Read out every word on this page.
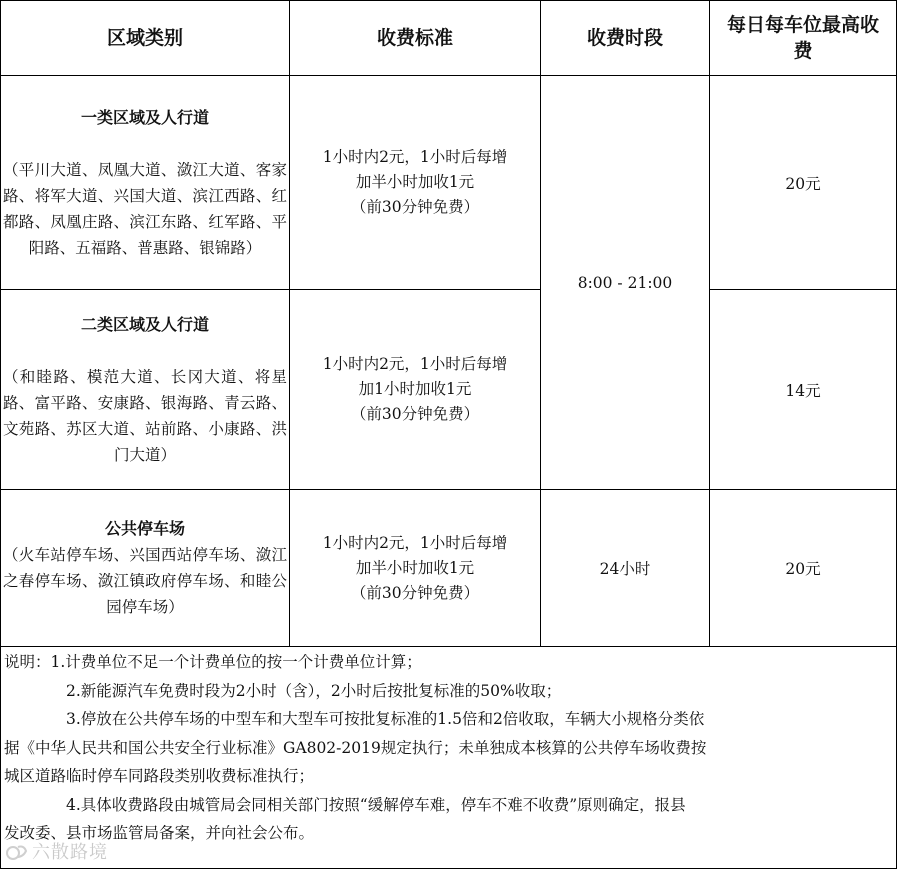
区域类别	收费标准	收费时段	每日每车位最高收费

一类区域及人行道
（平川大道、凤凰大道、潋江大道、客家路、将军大道、兴国大道、滨江西路、红都路、凤凰庄路、滨江东路、红军路、平阳路、五福路、普惠路、银锦路）	1小时内2元，1小时后每增
加半小时加收1元
（前30分钟免费）	8:00 - 21:00	20元

二类区域及人行道
（和睦路、模范大道、长冈大道、将星路、富平路、安康路、银海路、青云路、文苑路、苏区大道、站前路、小康路、洪门大道）	1小时内2元，1小时后每增
加1小时加收1元
（前30分钟免费）		14元

公共停车场
（火车站停车场、兴国西站停车场、潋江之春停车场、潋江镇政府停车场、和睦公园停车场）	1小时内2元，1小时后每增
加半小时加收1元
（前30分钟免费）	24小时	20元
说明：1.计费单位不足一个计费单位的按一个计费单位计算；
2.新能源汽车免费时段为2小时（含），2小时后按批复标准的50%收取；
3.停放在公共停车场的中型车和大型车可按批复标准的1.5倍和2倍收取，车辆大小规格分类依
据《中华人民共和国公共安全行业标准》GA802-2019规定执行；未单独成本核算的公共停车场收费按
城区道路临时停车同路段类别收费标准执行；
4.具体收费路段由城管局会同相关部门按照“缓解停车难，停车不难不收费”原则确定，报县
发改委、县市场监管局备案，并向社会公布。
六散路境
